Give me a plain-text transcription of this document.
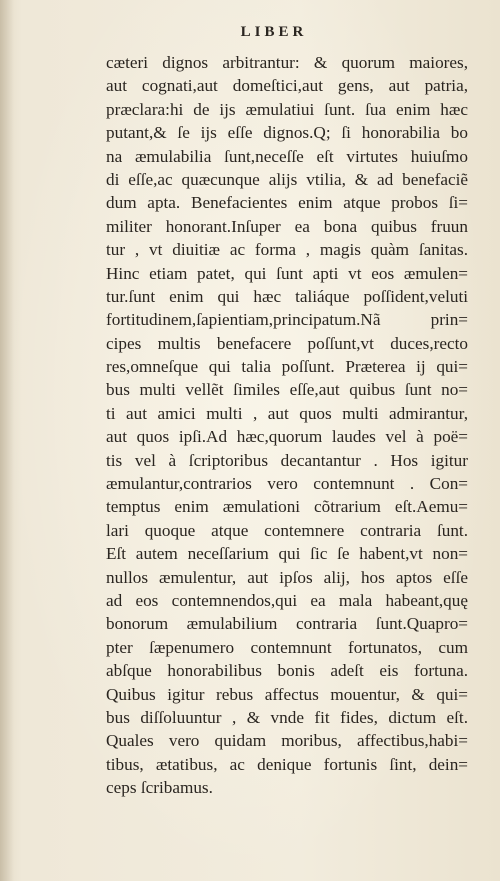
LIBER
cæteri dignos arbitrantur: & quorum maiores,
aut cognati,aut domeſtici,aut gens, aut patria,
præclara:hi de ijs æmulatiui ſunt. ſua enim hæc
putant,& ſe ijs eſſe dignos.Q; ſi honorabilia bo
na æmulabilia ſunt,neceſſe eſt virtutes huiuſmo
di eſſe,ac quæcunque alijs vtilia, & ad benefaciẽ
dum apta. Benefacientes enim atque probos ſi=
militer honorant.Inſuper ea bona quibus fruun
tur , vt diuitiæ ac forma , magis quàm ſanitas.
Hinc etiam patet, qui ſunt apti vt eos æmulen=
tur.ſunt enim qui hæc taliáque poſſident,veluti
fortitudinem,ſapientiam,principatum.Nã prin=
cipes multis benefacere poſſunt,vt duces,recto
res,omneſque qui talia poſſunt. Præterea ij qui=
bus multi vellẽt ſimiles eſſe,aut quibus ſunt no=
ti aut amici multi , aut quos multi admirantur,
aut quos ipſi.Ad hæc,quorum laudes vel à poë=
tis vel à ſcriptoribus decantantur . Hos igitur
æmulantur,contrarios vero contemnunt . Con=
temptus enim æmulationi cõtrarium eſt.Aemu=
lari quoque atque contemnere contraria ſunt.
Eſt autem neceſſarium qui ſic ſe habent,vt non=
nullos æmulentur, aut ipſos alij, hos aptos eſſe
ad eos contemnendos,qui ea mala habeant,quę
bonorum æmulabilium contraria ſunt.Quapro=
pter ſæpenumero contemnunt fortunatos, cum
abſque honorabilibus bonis adeſt eis fortuna.
Quibus igitur rebus affectus mouentur, & qui=
bus diſſoluuntur , & vnde fit fides, dictum eſt.
Quales vero quidam moribus, affectibus,habi=
tibus, ætatibus, ac denique fortunis ſint, dein=
ceps ſcribamus.
